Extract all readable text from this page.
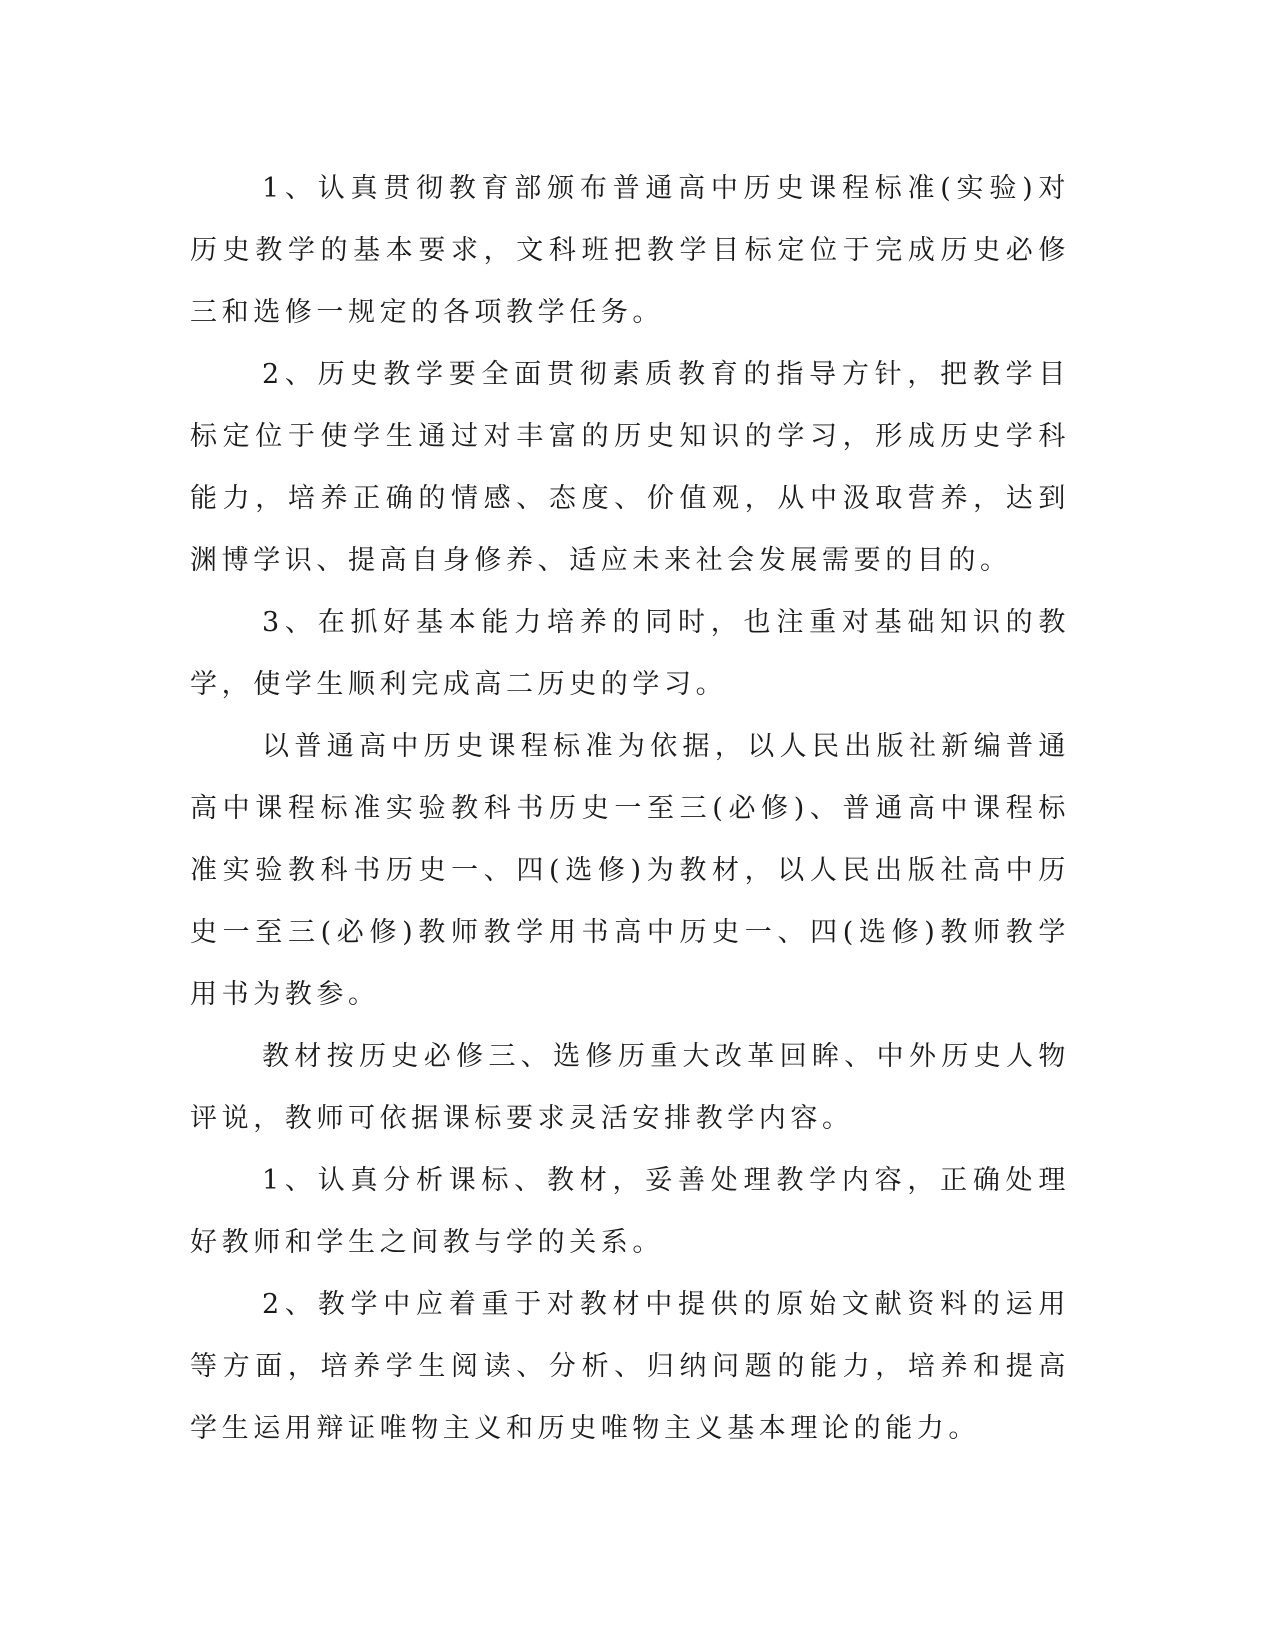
1、认真贯彻教育部颁布普通高中历史课程标准(实验)对历史教学的基本要求，文科班把教学目标定位于完成历史必修三和选修一规定的各项教学任务。

2、历史教学要全面贯彻素质教育的指导方针，把教学目标定位于使学生通过对丰富的历史知识的学习，形成历史学科能力，培养正确的情感、态度、价值观，从中汲取营养，达到渊博学识、提高自身修养、适应未来社会发展需要的目的。

3、在抓好基本能力培养的同时，也注重对基础知识的教学，使学生顺利完成高二历史的学习。

以普通高中历史课程标准为依据，以人民出版社新编普通高中课程标准实验教科书历史一至三(必修)、普通高中课程标准实验教科书历史一、四(选修)为教材，以人民出版社高中历史一至三(必修)教师教学用书高中历史一、四(选修)教师教学用书为教参。

教材按历史必修三、选修历重大改革回眸、中外历史人物评说，教师可依据课标要求灵活安排教学内容。

1、认真分析课标、教材，妥善处理教学内容，正确处理好教师和学生之间教与学的关系。

2、教学中应着重于对教材中提供的原始文献资料的运用等方面，培养学生阅读、分析、归纳问题的能力，培养和提高学生运用辩证唯物主义和历史唯物主义基本理论的能力。
